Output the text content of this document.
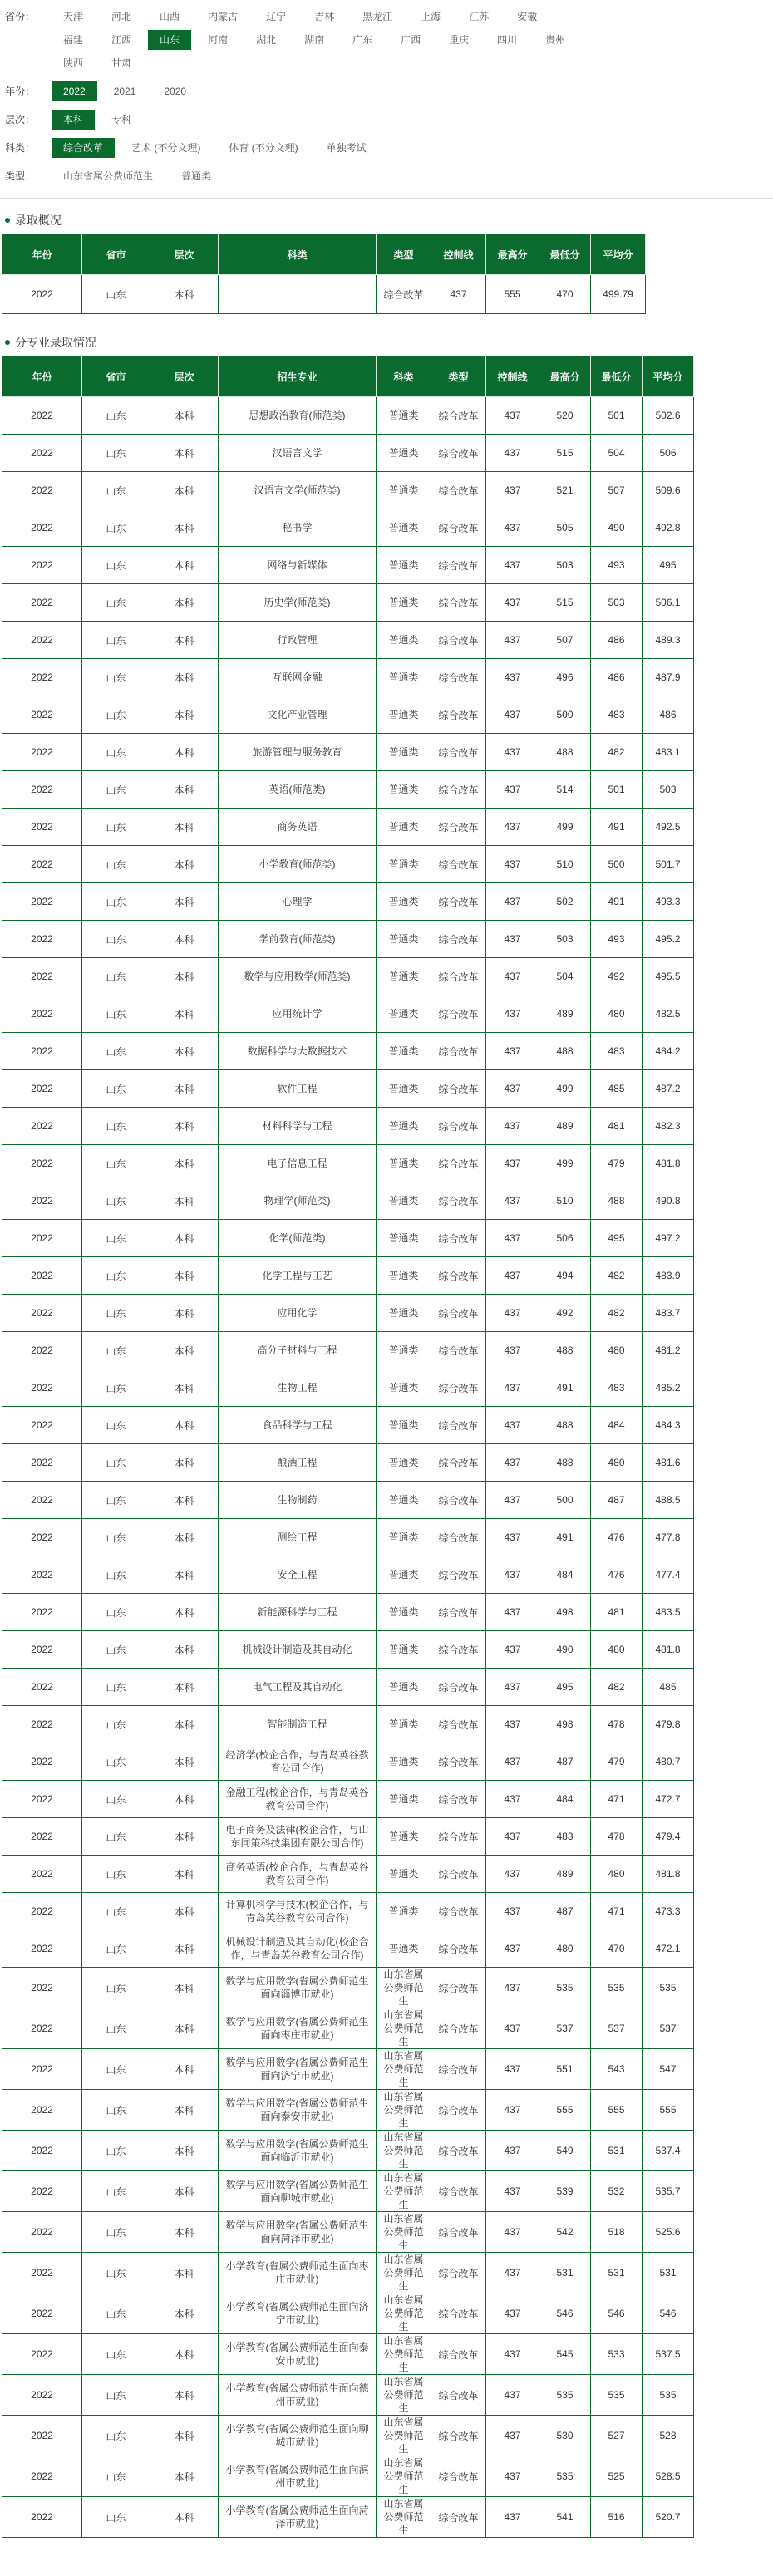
省份：	天津	河北	山西	内蒙古	辽宁	吉林	黑龙江	上海	江苏	安徽
福建	江西	山东	河南	湖北	湖南	广东	广西	重庆	四川	贵州
陕西	甘肃
年份：	2022	2021	2020
层次：	本科	专科
科类：	综合改革	艺术 (不分文理)	体育 (不分文理)	单独考试
类型：	山东省属公费师范生	普通类
录取概况
年份	省市	层次	科类	类型	控制线	最高分	最低分	平均分
2022	山东	本科		综合改革	437	555	470	499.79
分专业录取情况
年份	省市	层次	招生专业	科类	类型	控制线	最高分	最低分	平均分
2022	山东	本科	思想政治教育(师范类)	普通类	综合改革	437	520	501	502.6
2022	山东	本科	汉语言文学	普通类	综合改革	437	515	504	506
2022	山东	本科	汉语言文学(师范类)	普通类	综合改革	437	521	507	509.6
2022	山东	本科	秘书学	普通类	综合改革	437	505	490	492.8
2022	山东	本科	网络与新媒体	普通类	综合改革	437	503	493	495
2022	山东	本科	历史学(师范类)	普通类	综合改革	437	515	503	506.1
2022	山东	本科	行政管理	普通类	综合改革	437	507	486	489.3
2022	山东	本科	互联网金融	普通类	综合改革	437	496	486	487.9
2022	山东	本科	文化产业管理	普通类	综合改革	437	500	483	486
2022	山东	本科	旅游管理与服务教育	普通类	综合改革	437	488	482	483.1
2022	山东	本科	英语(师范类)	普通类	综合改革	437	514	501	503
2022	山东	本科	商务英语	普通类	综合改革	437	499	491	492.5
2022	山东	本科	小学教育(师范类)	普通类	综合改革	437	510	500	501.7
2022	山东	本科	心理学	普通类	综合改革	437	502	491	493.3
2022	山东	本科	学前教育(师范类)	普通类	综合改革	437	503	493	495.2
2022	山东	本科	数学与应用数学(师范类)	普通类	综合改革	437	504	492	495.5
2022	山东	本科	应用统计学	普通类	综合改革	437	489	480	482.5
2022	山东	本科	数据科学与大数据技术	普通类	综合改革	437	488	483	484.2
2022	山东	本科	软件工程	普通类	综合改革	437	499	485	487.2
2022	山东	本科	材料科学与工程	普通类	综合改革	437	489	481	482.3
2022	山东	本科	电子信息工程	普通类	综合改革	437	499	479	481.8
2022	山东	本科	物理学(师范类)	普通类	综合改革	437	510	488	490.8
2022	山东	本科	化学(师范类)	普通类	综合改革	437	506	495	497.2
2022	山东	本科	化学工程与工艺	普通类	综合改革	437	494	482	483.9
2022	山东	本科	应用化学	普通类	综合改革	437	492	482	483.7
2022	山东	本科	高分子材料与工程	普通类	综合改革	437	488	480	481.2
2022	山东	本科	生物工程	普通类	综合改革	437	491	483	485.2
2022	山东	本科	食品科学与工程	普通类	综合改革	437	488	484	484.3
2022	山东	本科	酿酒工程	普通类	综合改革	437	488	480	481.6
2022	山东	本科	生物制药	普通类	综合改革	437	500	487	488.5
2022	山东	本科	测绘工程	普通类	综合改革	437	491	476	477.8
2022	山东	本科	安全工程	普通类	综合改革	437	484	476	477.4
2022	山东	本科	新能源科学与工程	普通类	综合改革	437	498	481	483.5
2022	山东	本科	机械设计制造及其自动化	普通类	综合改革	437	490	480	481.8
2022	山东	本科	电气工程及其自动化	普通类	综合改革	437	495	482	485
2022	山东	本科	智能制造工程	普通类	综合改革	437	498	478	479.8
2022	山东	本科	经济学(校企合作，与青岛英谷教育公司合作)	普通类	综合改革	437	487	479	480.7
2022	山东	本科	金融工程(校企合作，与青岛英谷教育公司合作)	普通类	综合改革	437	484	471	472.7
2022	山东	本科	电子商务及法律(校企合作，与山东同策科技集团有限公司合作)	普通类	综合改革	437	483	478	479.4
2022	山东	本科	商务英语(校企合作，与青岛英谷教育公司合作)	普通类	综合改革	437	489	480	481.8
2022	山东	本科	计算机科学与技术(校企合作，与青岛英谷教育公司合作)	普通类	综合改革	437	487	471	473.3
2022	山东	本科	机械设计制造及其自动化(校企合作，与青岛英谷教育公司合作)	普通类	综合改革	437	480	470	472.1
2022	山东	本科	数学与应用数学(省属公费师范生面向淄博市就业)	山东省属公费师范生	综合改革	437	535	535	535
2022	山东	本科	数学与应用数学(省属公费师范生面向枣庄市就业)	山东省属公费师范生	综合改革	437	537	537	537
2022	山东	本科	数学与应用数学(省属公费师范生面向济宁市就业)	山东省属公费师范生	综合改革	437	551	543	547
2022	山东	本科	数学与应用数学(省属公费师范生面向泰安市就业)	山东省属公费师范生	综合改革	437	555	555	555
2022	山东	本科	数学与应用数学(省属公费师范生面向临沂市就业)	山东省属公费师范生	综合改革	437	549	531	537.4
2022	山东	本科	数学与应用数学(省属公费师范生面向聊城市就业)	山东省属公费师范生	综合改革	437	539	532	535.7
2022	山东	本科	数学与应用数学(省属公费师范生面向菏泽市就业)	山东省属公费师范生	综合改革	437	542	518	525.6
2022	山东	本科	小学教育(省属公费师范生面向枣庄市就业)	山东省属公费师范生	综合改革	437	531	531	531
2022	山东	本科	小学教育(省属公费师范生面向济宁市就业)	山东省属公费师范生	综合改革	437	546	546	546
2022	山东	本科	小学教育(省属公费师范生面向泰安市就业)	山东省属公费师范生	综合改革	437	545	533	537.5
2022	山东	本科	小学教育(省属公费师范生面向德州市就业)	山东省属公费师范生	综合改革	437	535	535	535
2022	山东	本科	小学教育(省属公费师范生面向聊城市就业)	山东省属公费师范生	综合改革	437	530	527	528
2022	山东	本科	小学教育(省属公费师范生面向滨州市就业)	山东省属公费师范生	综合改革	437	535	525	528.5
2022	山东	本科	小学教育(省属公费师范生面向菏泽市就业)	山东省属公费师范生	综合改革	437	541	516	520.7
